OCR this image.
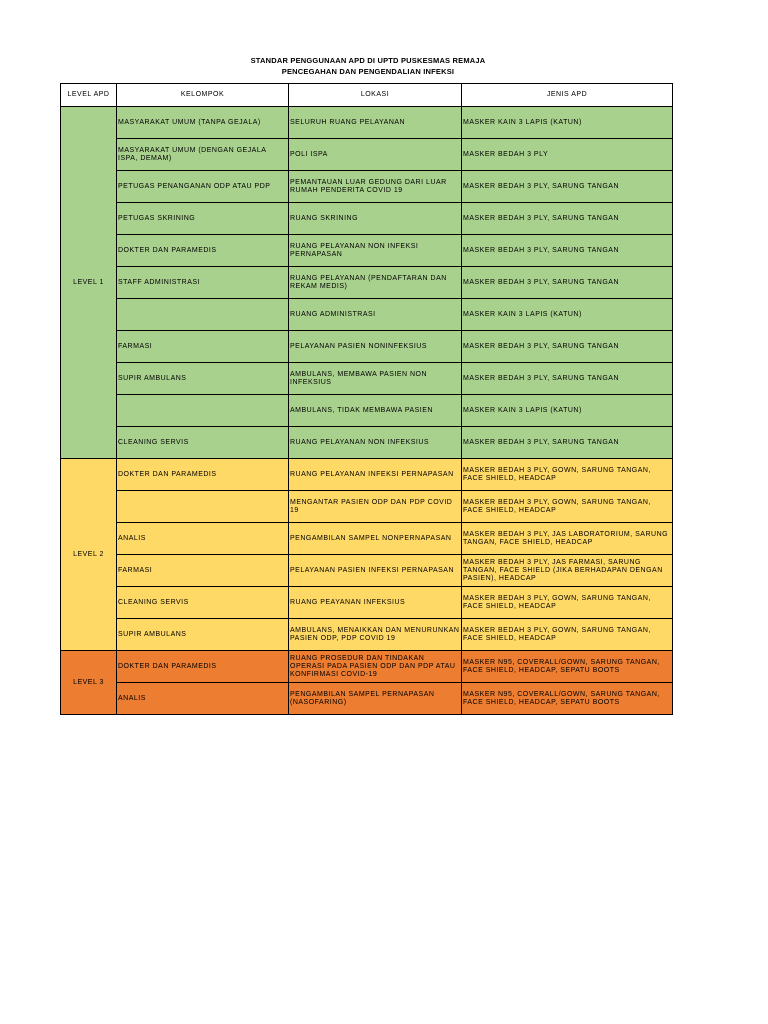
STANDAR PENGGUNAAN APD DI UPTD PUSKESMAS REMAJA
PENCEGAHAN DAN PENGENDALIAN INFEKSI
LEVEL APD	KELOMPOK	LOKASI	JENIS APD
LEVEL 1	MASYARAKAT UMUM (TANPA GEJALA)	SELURUH RUANG PELAYANAN	MASKER KAIN 3 LAPIS (KATUN)
	MASYARAKAT UMUM (DENGAN GEJALA ISPA, DEMAM)	POLI ISPA	MASKER BEDAH 3 PLY
	PETUGAS PENANGANAN ODP ATAU PDP	PEMANTAUAN LUAR GEDUNG DARI LUAR RUMAH PENDERITA COVID 19	MASKER BEDAH 3 PLY, SARUNG TANGAN
	PETUGAS SKRINING	RUANG SKRINING	MASKER BEDAH 3 PLY, SARUNG TANGAN
	DOKTER DAN PARAMEDIS	RUANG PELAYANAN NON INFEKSI PERNAPASAN	MASKER BEDAH 3 PLY, SARUNG TANGAN
	STAFF ADMINISTRASI	RUANG PELAYANAN (PENDAFTARAN DAN REKAM MEDIS)	MASKER BEDAH 3 PLY, SARUNG TANGAN
		RUANG ADMINISTRASI	MASKER KAIN 3 LAPIS (KATUN)
	FARMASI	PELAYANAN PASIEN NONINFEKSIUS	MASKER BEDAH 3 PLY, SARUNG TANGAN
	SUPIR AMBULANS	AMBULANS, MEMBAWA PASIEN NON INFEKSIUS	MASKER BEDAH 3 PLY, SARUNG TANGAN
		AMBULANS, TIDAK MEMBAWA PASIEN	MASKER KAIN 3 LAPIS (KATUN)
	CLEANING SERVIS	RUANG PELAYANAN NON INFEKSIUS	MASKER BEDAH 3 PLY, SARUNG TANGAN
LEVEL 2	DOKTER DAN PARAMEDIS	RUANG PELAYANAN INFEKSI PERNAPASAN	MASKER BEDAH 3 PLY, GOWN, SARUNG TANGAN, FACE SHIELD, HEADCAP
		MENGANTAR PASIEN ODP DAN PDP COVID 19	MASKER BEDAH 3 PLY, GOWN, SARUNG TANGAN, FACE SHIELD, HEADCAP
	ANALIS	PENGAMBILAN SAMPEL NONPERNAPASAN	MASKER BEDAH 3 PLY, JAS LABORATORIUM, SARUNG TANGAN, FACE SHIELD, HEADCAP
	FARMASI	PELAYANAN PASIEN INFEKSI PERNAPASAN	MASKER BEDAH 3 PLY, JAS FARMASI, SARUNG TANGAN, FACE SHIELD (JIKA BERHADAPAN DENGAN PASIEN), HEADCAP
	CLEANING SERVIS	RUANG PEAYANAN INFEKSIUS	MASKER BEDAH 3 PLY, GOWN, SARUNG TANGAN, FACE SHIELD, HEADCAP
	SUPIR AMBULANS	AMBULANS, MENAIKKAN DAN MENURUNKAN PASIEN ODP, PDP COVID 19	MASKER BEDAH 3 PLY, GOWN, SARUNG TANGAN, FACE SHIELD, HEADCAP
LEVEL 3	DOKTER DAN PARAMEDIS	RUANG PROSEDUR DAN TINDAKAN OPERASI PADA PASIEN ODP DAN PDP ATAU KONFIRMASI COVID-19	MASKER N95, COVERALL/GOWN, SARUNG TANGAN, FACE SHIELD, HEADCAP, SEPATU BOOTS
	ANALIS	PENGAMBILAN SAMPEL PERNAPASAN (NASOFARING)	MASKER N95, COVERALL/GOWN, SARUNG TANGAN, FACE SHIELD, HEADCAP, SEPATU BOOTS
